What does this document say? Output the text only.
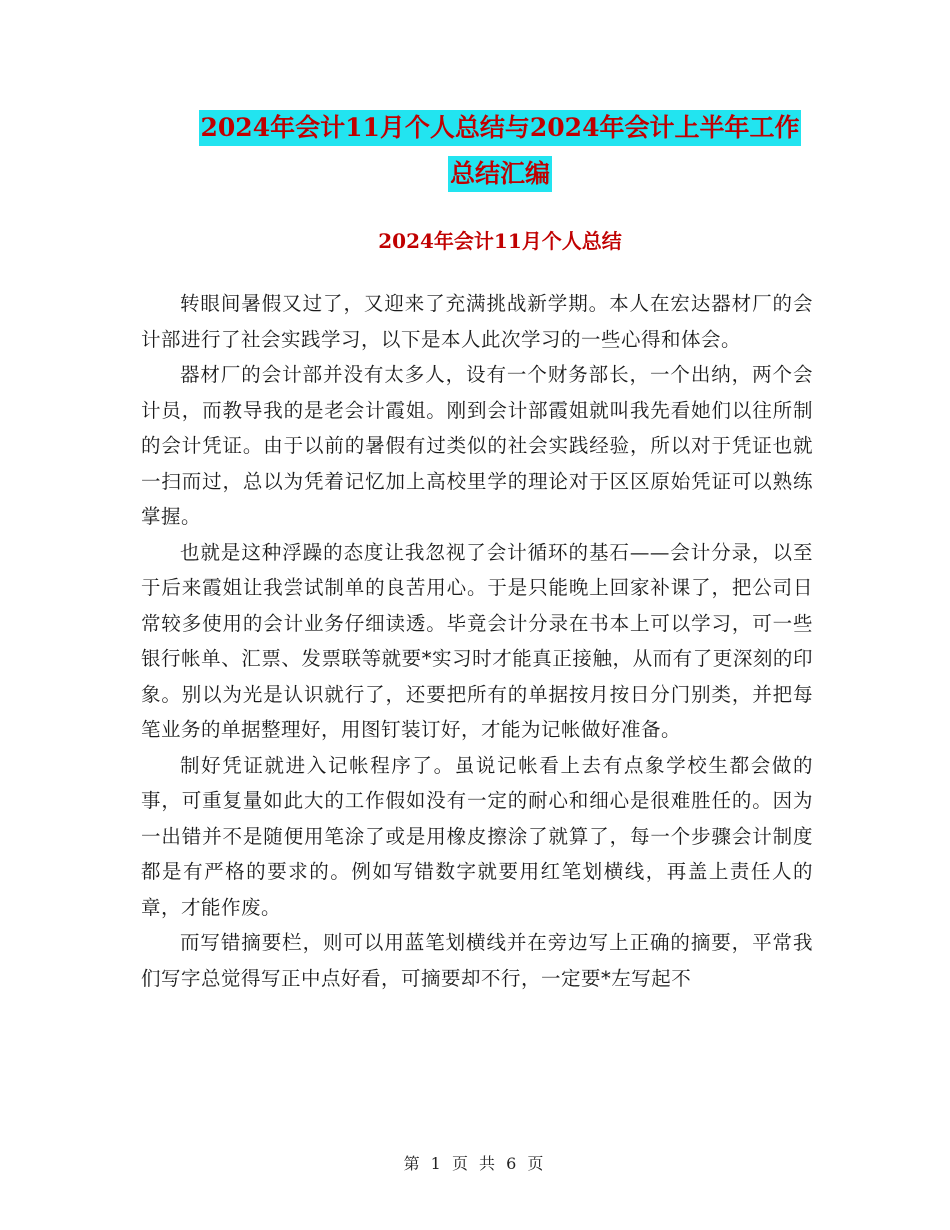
2024年会计11月个人总结与2024年会计上半年工作
总结汇编
2024年会计11月个人总结

转眼间暑假又过了，又迎来了充满挑战新学期。本人在宏达器材厂的会计部进行了社会实践学习，以下是本人此次学习的一些心得和体会。

器材厂的会计部并没有太多人，设有一个财务部长，一个出纳，两个会计员，而教导我的是老会计霞姐。刚到会计部霞姐就叫我先看她们以往所制的会计凭证。由于以前的暑假有过类似的社会实践经验，所以对于凭证也就一扫而过，总以为凭着记忆加上高校里学的理论对于区区原始凭证可以熟练掌握。

也就是这种浮躁的态度让我忽视了会计循环的基石——会计分录，以至于后来霞姐让我尝试制单的良苦用心。于是只能晚上回家补课了，把公司日常较多使用的会计业务仔细读透。毕竟会计分录在书本上可以学习，可一些银行帐单、汇票、发票联等就要*实习时才能真正接触，从而有了更深刻的印象。别以为光是认识就行了，还要把所有的单据按月按日分门别类，并把每笔业务的单据整理好，用图钉装订好，才能为记帐做好准备。

制好凭证就进入记帐程序了。虽说记帐看上去有点象学校生都会做的事，可重复量如此大的工作假如没有一定的耐心和细心是很难胜任的。因为一出错并不是随便用笔涂了或是用橡皮擦涂了就算了，每一个步骤会计制度都是有严格的要求的。例如写错数字就要用红笔划横线，再盖上责任人的章，才能作废。

而写错摘要栏，则可以用蓝笔划横线并在旁边写上正确的摘要，平常我们写字总觉得写正中点好看，可摘要却不行，一定要*左写起不

第 1 页 共 6 页
